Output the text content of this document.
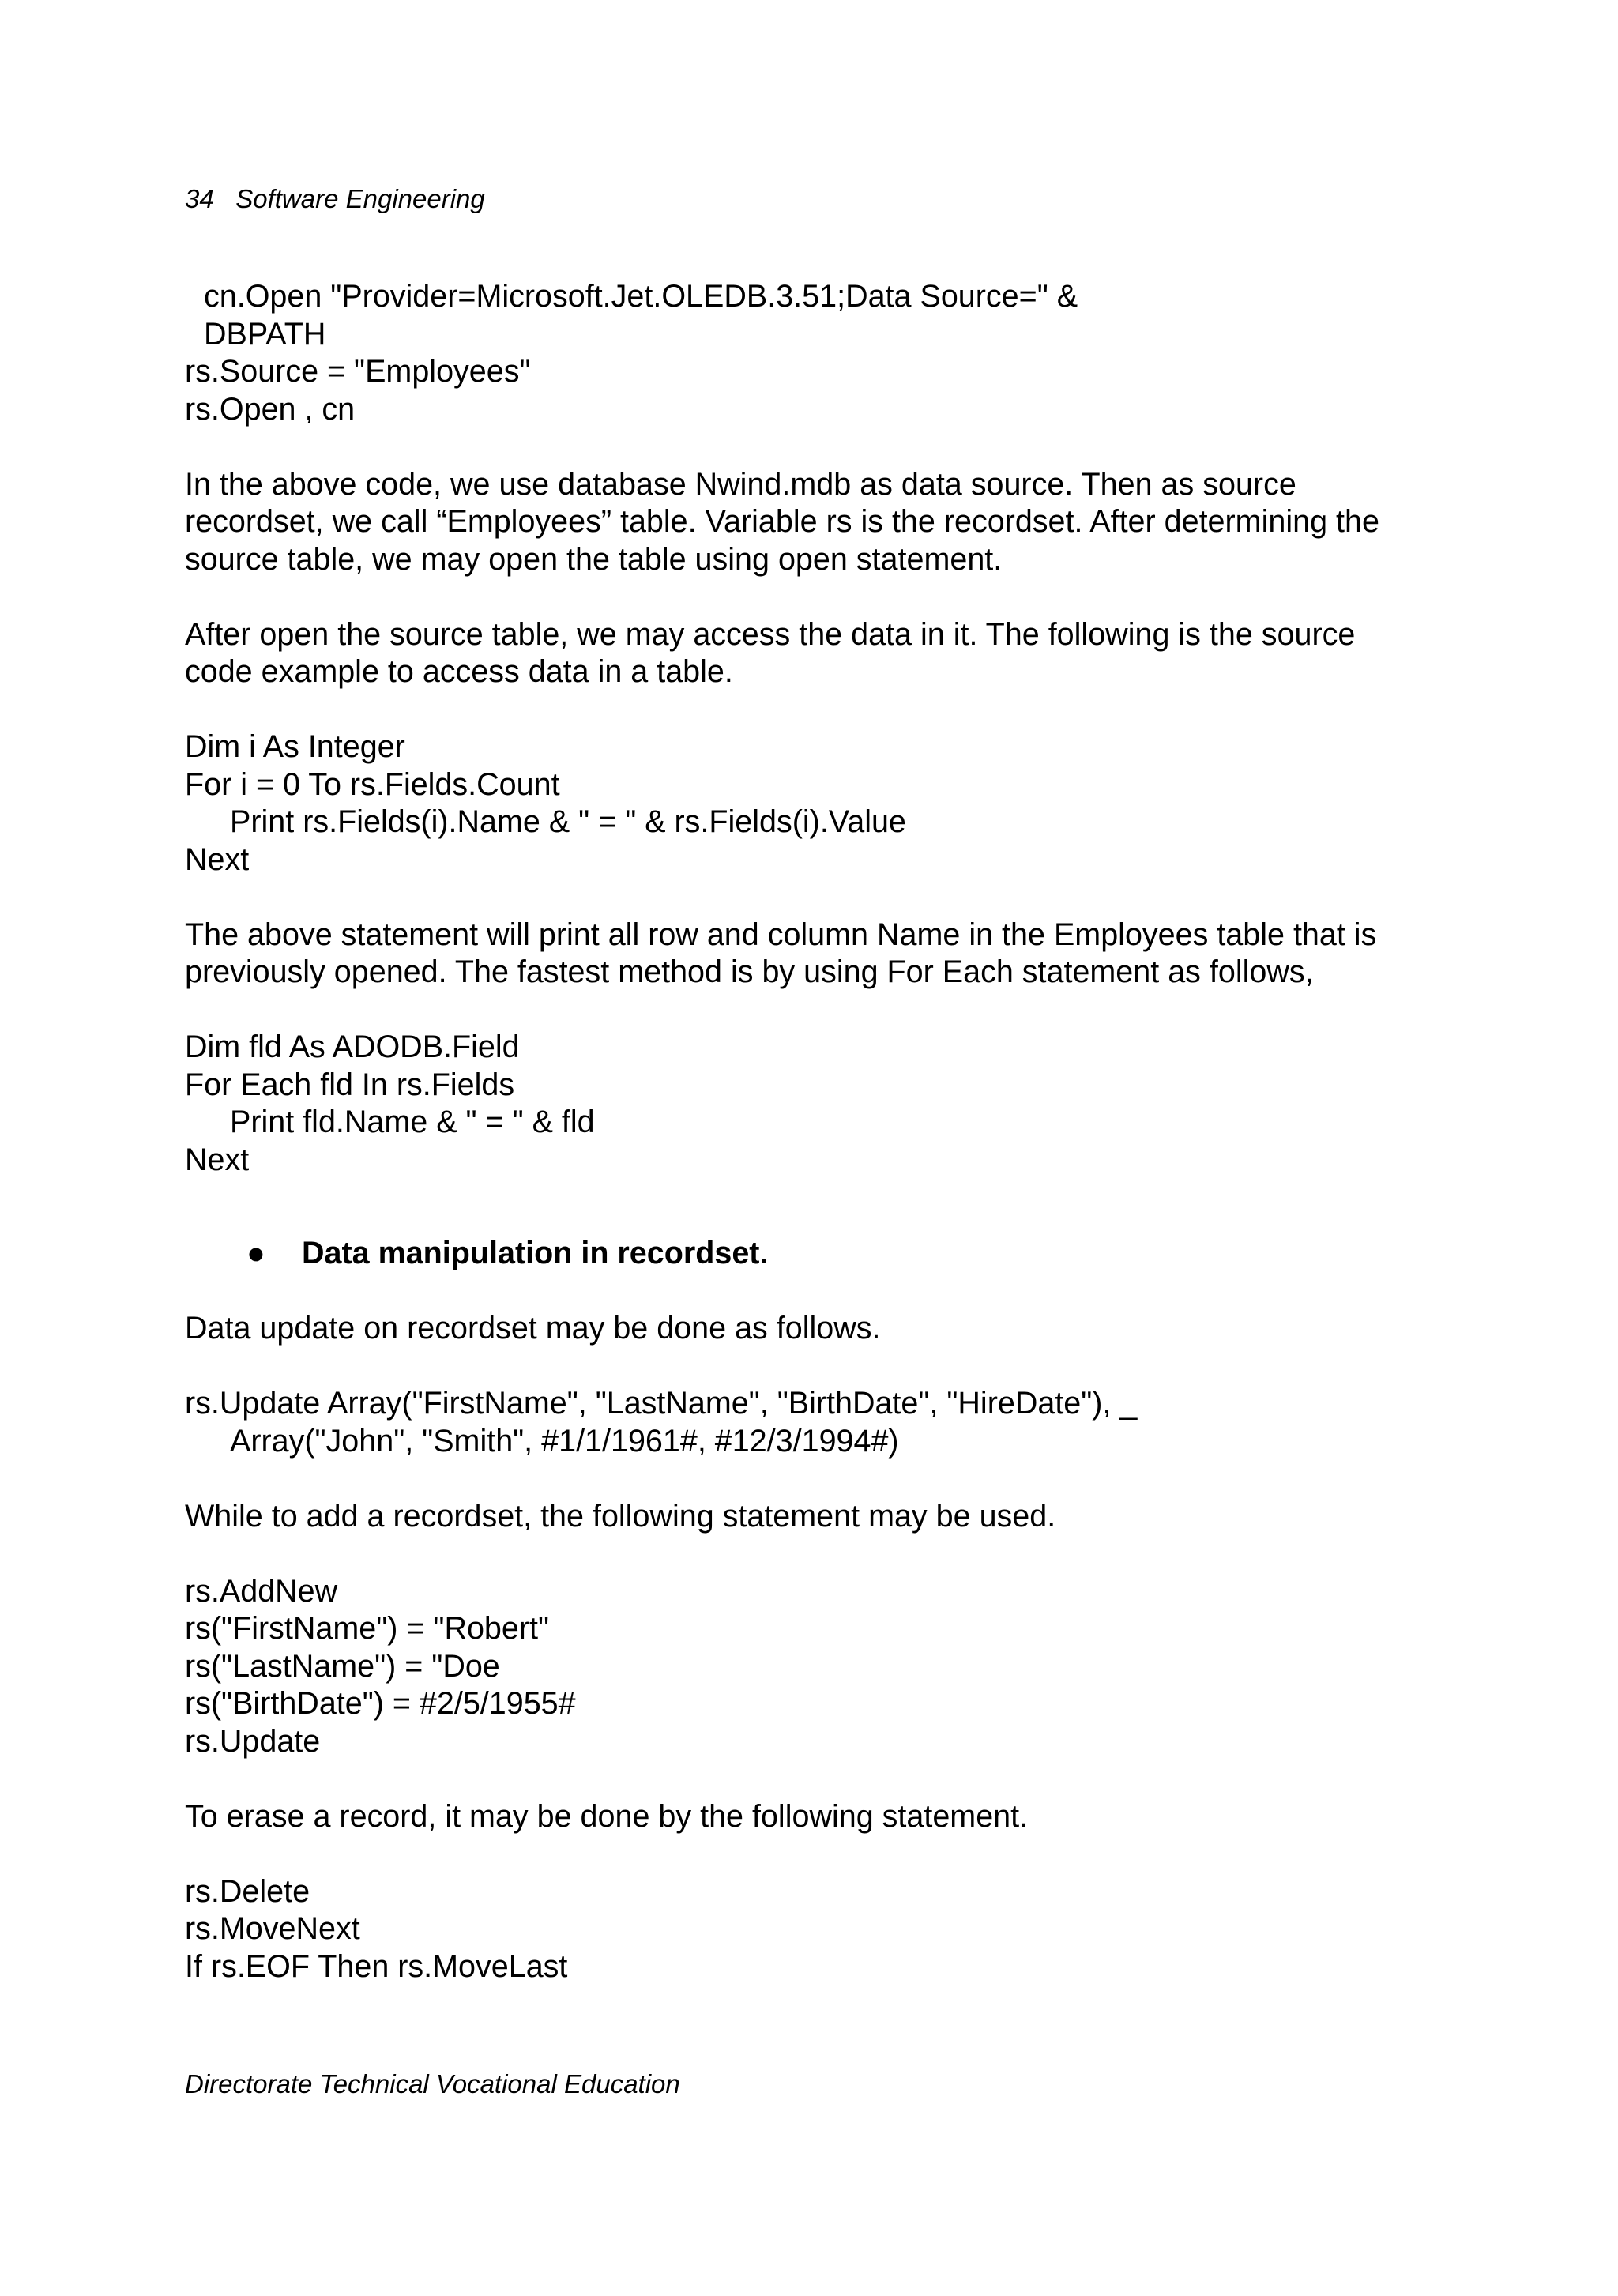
34 Software Engineering
cn.Open "Provider=Microsoft.Jet.OLEDB.3.51;Data Source=" &
DBPATH
rs.Source = "Employees"
rs.Open , cn
In the above code, we use database Nwind.mdb as data source. Then as source
recordset, we call “Employees” table. Variable rs is the recordset. After determining the
source table, we may open the table using open statement.
After open the source table, we may access the data in it. The following is the source
code example to access data in a table.
Dim i As Integer
For i = 0 To rs.Fields.Count
Print rs.Fields(i).Name & " = " & rs.Fields(i).Value
Next
The above statement will print all row and column Name in the Employees table that is
previously opened. The fastest method is by using For Each statement as follows,
Dim fld As ADODB.Field
For Each fld In rs.Fields
Print fld.Name & " = " & fld
Next
● Data manipulation in recordset.
Data update on recordset may be done as follows.
rs.Update Array("FirstName", "LastName", "BirthDate", "HireDate"), _
Array("John", "Smith", #1/1/1961#, #12/3/1994#)
While to add a recordset, the following statement may be used.
rs.AddNew
rs("FirstName") = "Robert"
rs("LastName") = "Doe
rs("BirthDate") = #2/5/1955#
rs.Update
To erase a record, it may be done by the following statement.
rs.Delete
rs.MoveNext
If rs.EOF Then rs.MoveLast
Directorate Technical Vocational Education
